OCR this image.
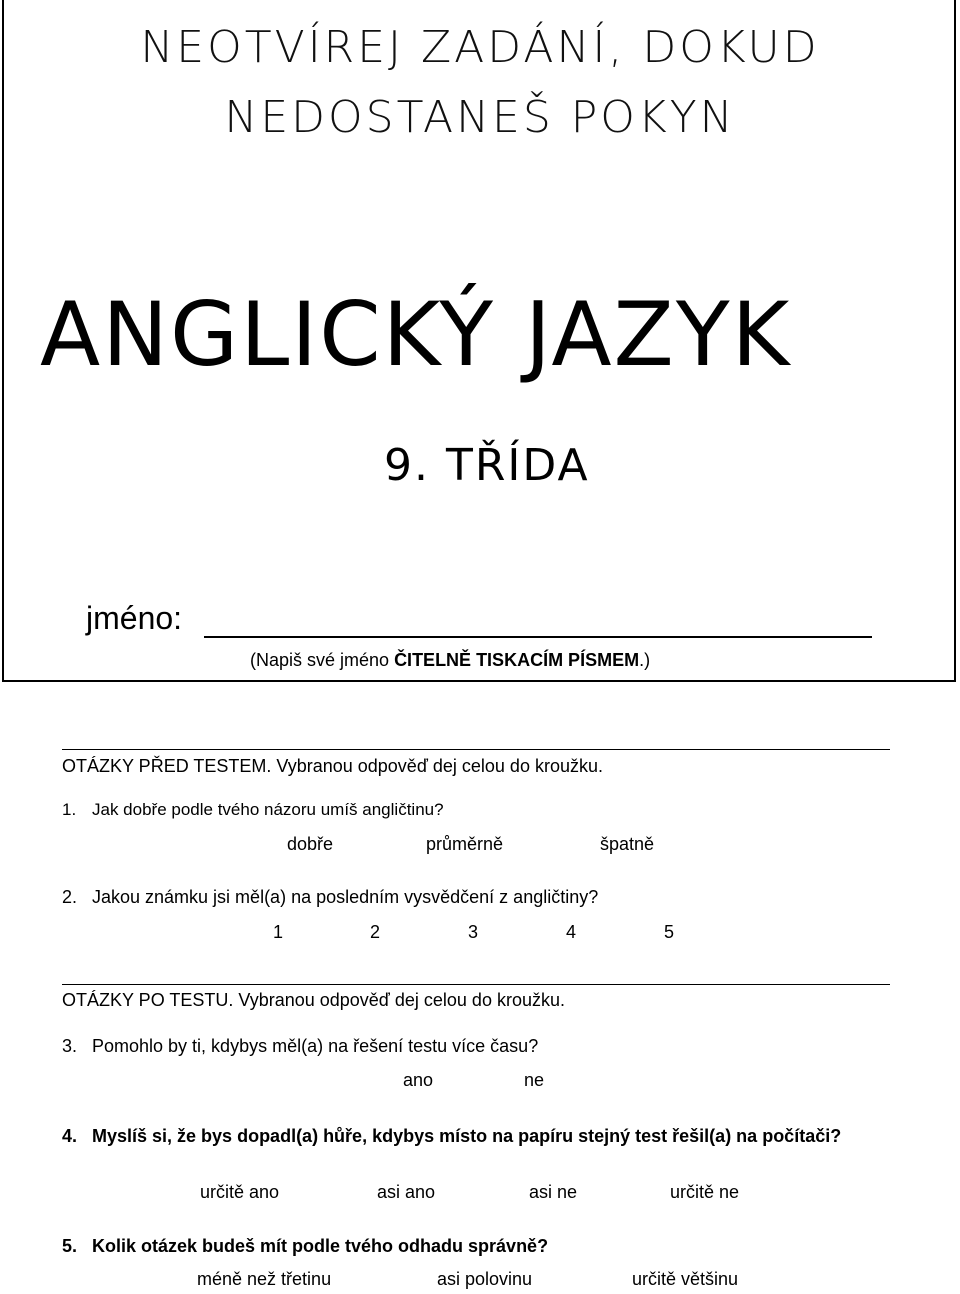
NEOTVÍREJ ZADÁNÍ, DOKUD
NEDOSTANEŠ POKYN
ANGLICKÝ JAZYK
9. TŘÍDA
jméno:
(Napiš své jméno ČITELNĚ TISKACÍM PÍSMEM.)
OTÁZKY PŘED TESTEM. Vybranou odpověď dej celou do kroužku.
1. Jak dobře podle tvého názoru umíš angličtinu?
dobře	průměrně	špatně
2. Jakou známku jsi měl(a) na posledním vysvědčení z angličtiny?
1	2	3	4	5
OTÁZKY PO TESTU. Vybranou odpověď dej celou do kroužku.
3. Pomohlo by ti, kdybys měl(a) na řešení testu více času?
ano	ne
4. Myslíš si, že bys dopadl(a) hůře, kdybys místo na papíru stejný test řešil(a) na počítači?
určitě ano	asi ano	asi ne	určitě ne
5. Kolik otázek budeš mít podle tvého odhadu správně?
méně než třetinu	asi polovinu	určitě většinu
